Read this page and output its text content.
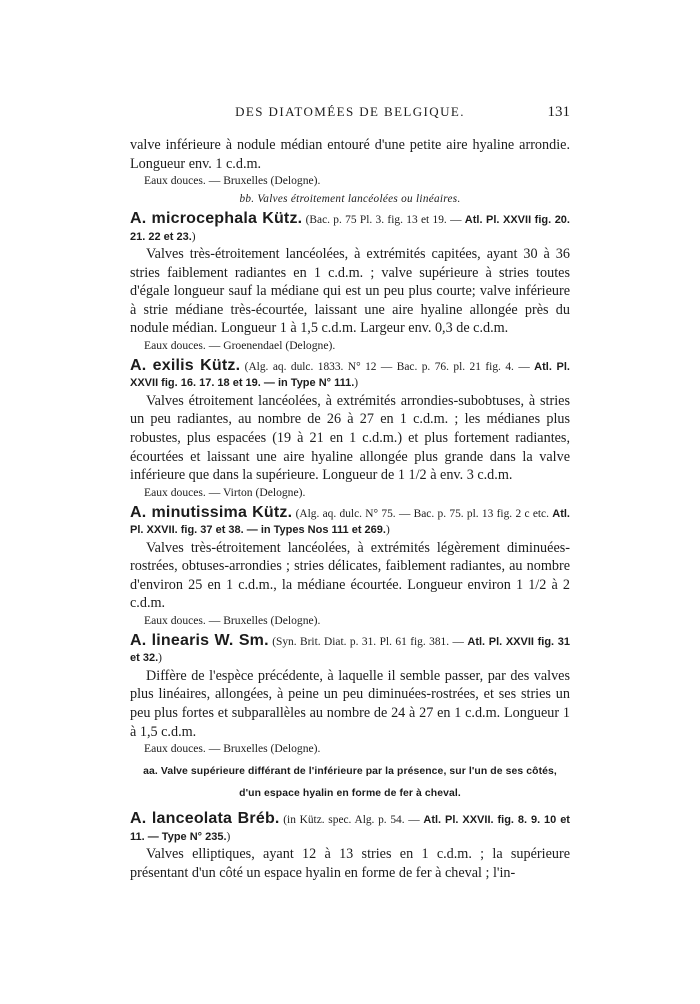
DES DIATOMÉES DE BELGIQUE.	131

valve inférieure à nodule médian entouré d'une petite aire hyaline arrondie. Longueur env. 1 c.d.m.

Eaux douces. — Bruxelles (Delogne).

bb. Valves étroitement lancéolées ou linéaires.

A. microcephala Kütz. (Bac. p. 75 Pl. 3. fig. 13 et 19. — Atl. Pl. XXVII fig. 20. 21. 22 et 23.)

Valves très-étroitement lancéolées, à extrémités capitées, ayant 30 à 36 stries faiblement radiantes en 1 c.d.m. ; valve supérieure à stries toutes d'égale longueur sauf la médiane qui est un peu plus courte; valve inférieure à strie médiane très-écourtée, laissant une aire hyaline allongée près du nodule médian. Longueur 1 à 1,5 c.d.m. Largeur env. 0,3 de c.d.m.

Eaux douces. — Groenendael (Delogne).

A. exilis Kütz. (Alg. aq. dulc. 1833. N° 12 — Bac. p. 76. pl. 21 fig. 4. — Atl. Pl. XXVII fig. 16. 17. 18 et 19. — in Type N° 111.)

Valves étroitement lancéolées, à extrémités arrondies-subobtuses, à stries un peu radiantes, au nombre de 26 à 27 en 1 c.d.m. ; les médianes plus robustes, plus espacées (19 à 21 en 1 c.d.m.) et plus fortement radiantes, écourtées et laissant une aire hyaline allongée plus grande dans la valve inférieure que dans la supérieure. Longueur de 1 1/2 à env. 3 c.d.m.

Eaux douces. — Virton (Delogne).

A. minutissima Kütz. (Alg. aq. dulc. N° 75. — Bac. p. 75. pl. 13 fig. 2 c etc. Atl. Pl. XXVII. fig. 37 et 38. — in Types Nos 111 et 269.)

Valves très-étroitement lancéolées, à extrémités légèrement diminuées-rostrées, obtuses-arrondies ; stries délicates, faiblement radiantes, au nombre d'environ 25 en 1 c.d.m., la médiane écourtée. Longueur environ 1 1/2 à 2 c.d.m.

Eaux douces. — Bruxelles (Delogne).

A. linearis W. Sm. (Syn. Brit. Diat. p. 31. Pl. 61 fig. 381. — Atl. Pl. XXVII fig. 31 et 32.)

Diffère de l'espèce précédente, à laquelle il semble passer, par des valves plus linéaires, allongées, à peine un peu diminuées-rostrées, et ses stries un peu plus fortes et subparallèles au nombre de 24 à 27 en 1 c.d.m. Longueur 1 à 1,5 c.d.m.

Eaux douces. — Bruxelles (Delogne).

aa. Valve supérieure différant de l'inférieure par la présence, sur l'un de ses côtés,
d'un espace hyalin en forme de fer à cheval.

A. lanceolata Bréb. (in Kütz. spec. Alg. p. 54. — Atl. Pl. XXVII. fig. 8. 9. 10 et 11. — Type N° 235.)

Valves elliptiques, ayant 12 à 13 stries en 1 c.d.m. ; la supérieure présentant d'un côté un espace hyalin en forme de fer à cheval ; l'in-
